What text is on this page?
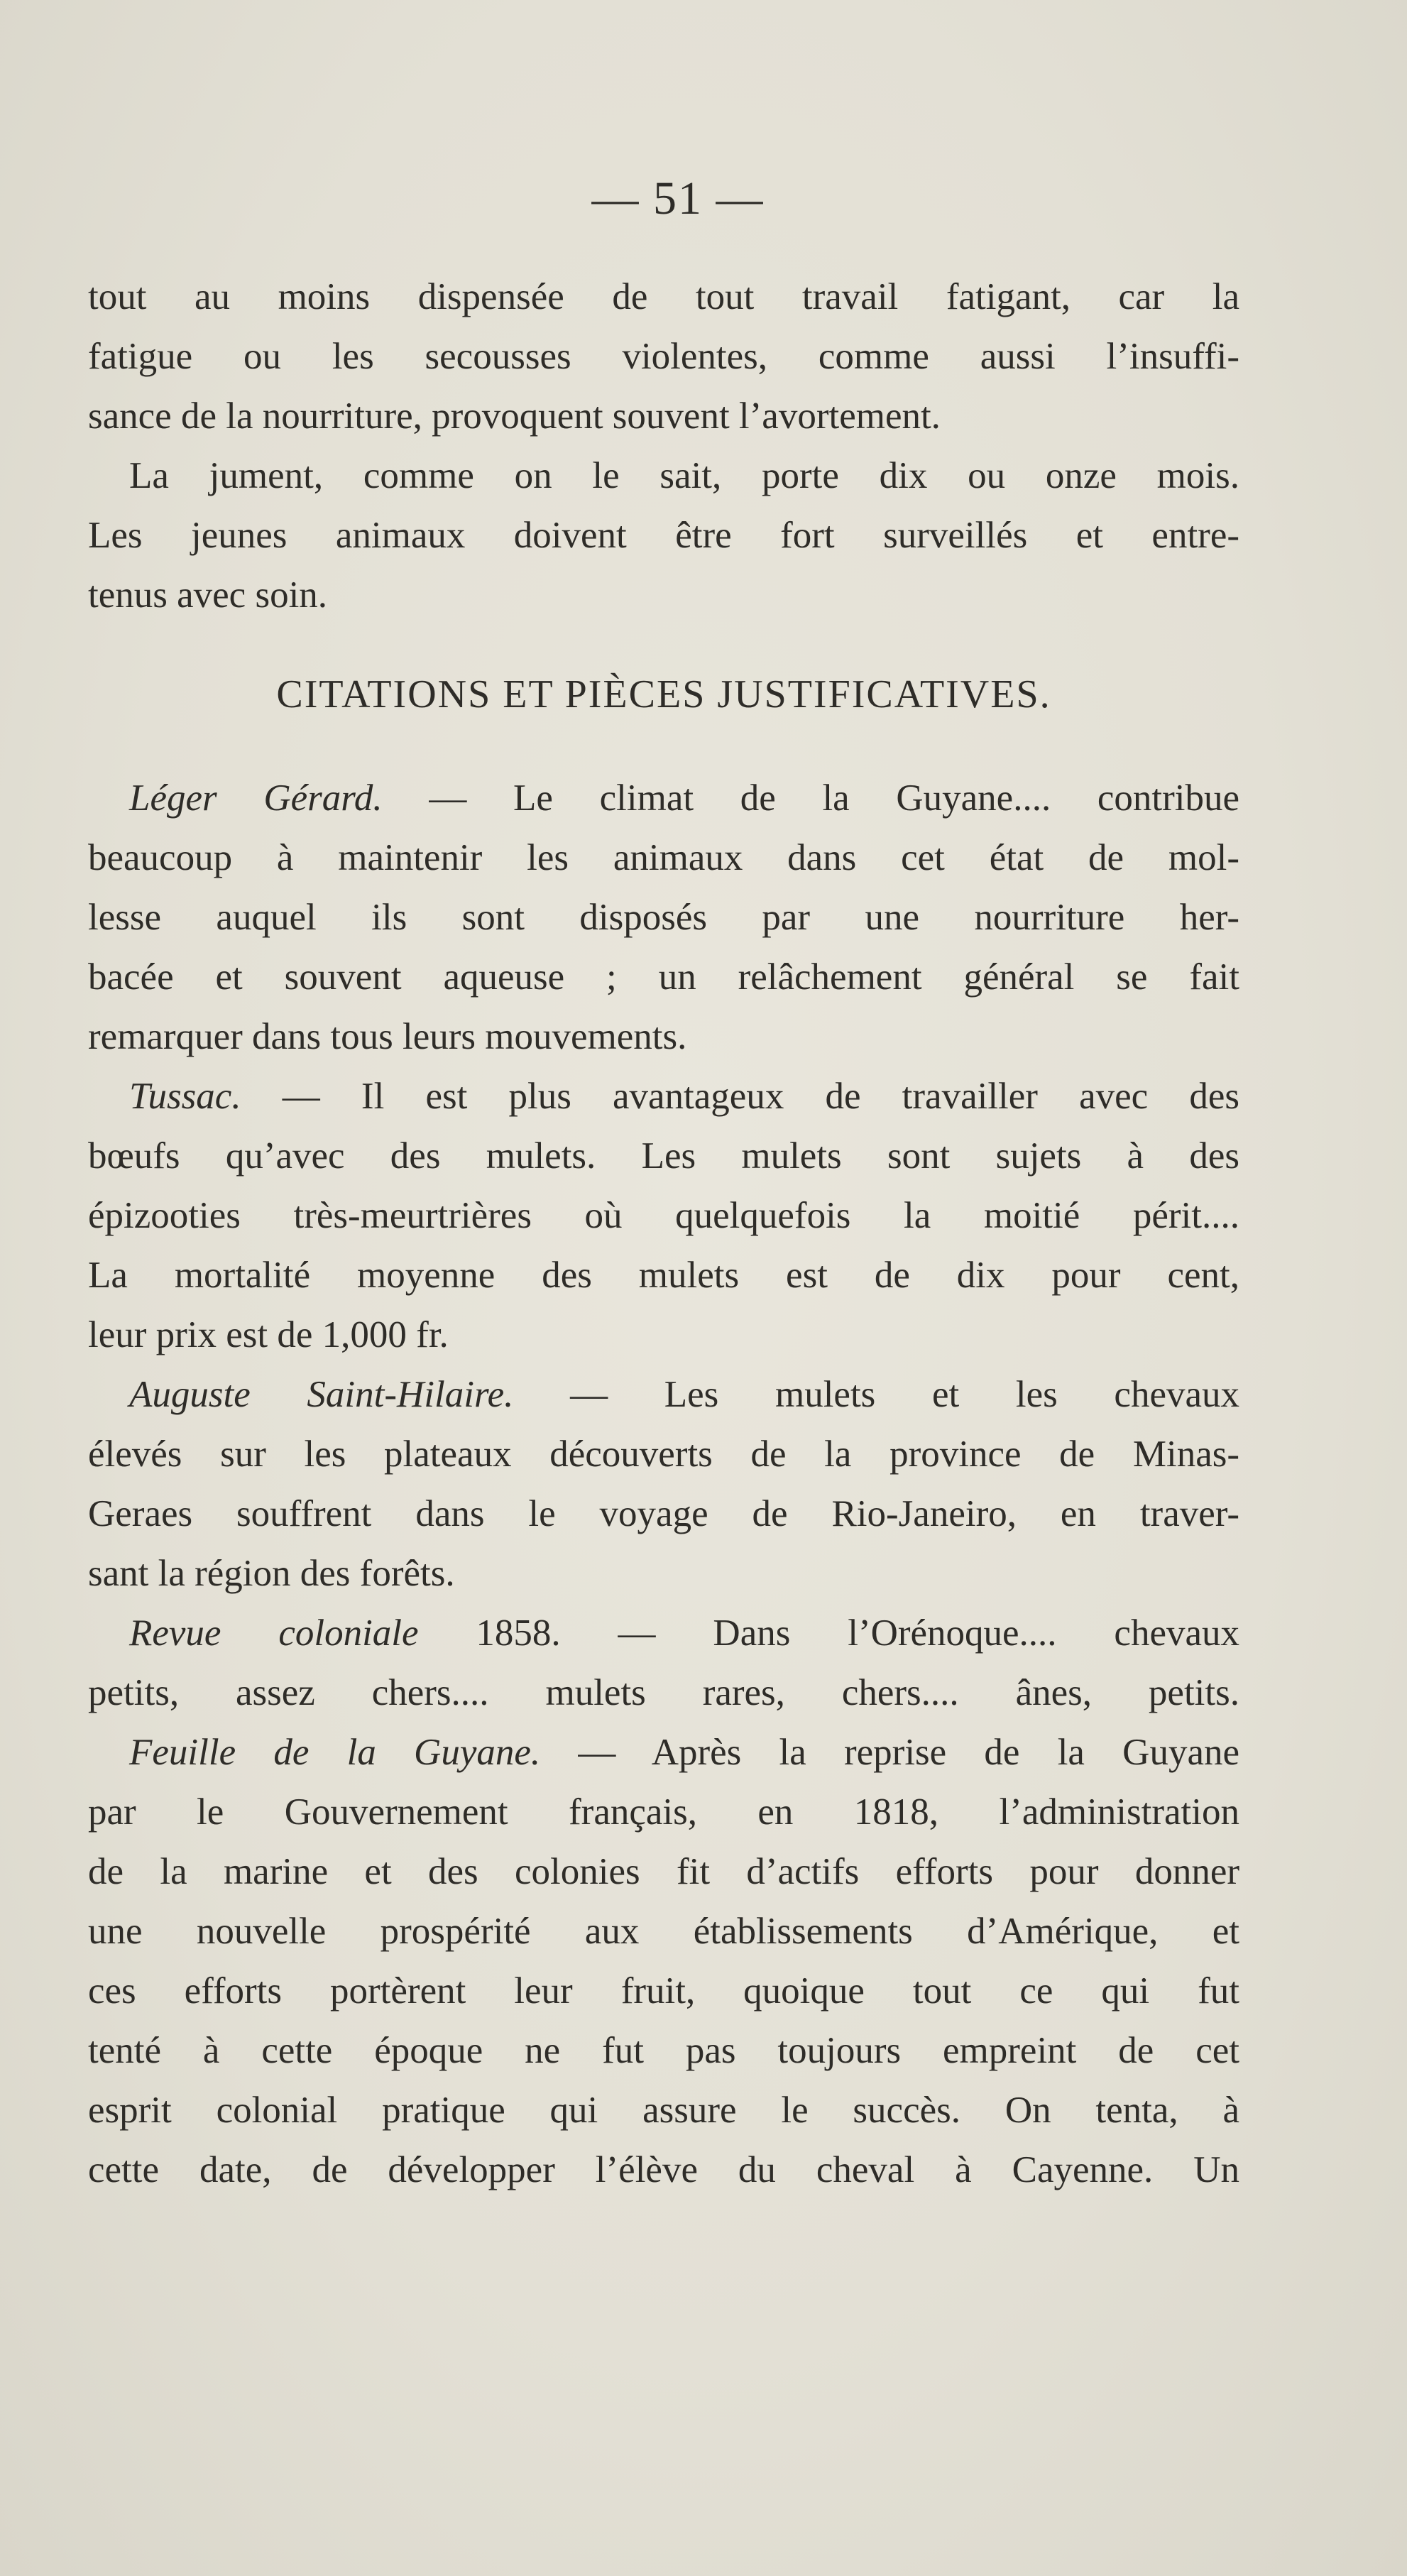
— 51 —
tout au moins dispensée de tout travail fatigant, car la
fatigue ou les secousses violentes, comme aussi l’insuffi-
sance de la nourriture, provoquent souvent l’avortement.
La jument, comme on le sait, porte dix ou onze mois.
Les jeunes animaux doivent être fort surveillés et entre-
tenus avec soin.
CITATIONS ET PIÈCES JUSTIFICATIVES.
Léger Gérard. — Le climat de la Guyane.... contribue
beaucoup à maintenir les animaux dans cet état de mol-
lesse auquel ils sont disposés par une nourriture her-
bacée et souvent aqueuse ; un relâchement général se fait
remarquer dans tous leurs mouvements.
Tussac. — Il est plus avantageux de travailler avec des
bœufs qu’avec des mulets. Les mulets sont sujets à des
épizooties très-meurtrières où quelquefois la moitié périt....
La mortalité moyenne des mulets est de dix pour cent,
leur prix est de 1,000 fr.
Auguste Saint-Hilaire. — Les mulets et les chevaux
élevés sur les plateaux découverts de la province de Minas-
Geraes souffrent dans le voyage de Rio-Janeiro, en traver-
sant la région des forêts.
Revue coloniale 1858. — Dans l’Orénoque.... chevaux
petits, assez chers.... mulets rares, chers.... ânes, petits.
Feuille de la Guyane. — Après la reprise de la Guyane
par le Gouvernement français, en 1818, l’administration
de la marine et des colonies fit d’actifs efforts pour donner
une nouvelle prospérité aux établissements d’Amérique, et
ces efforts portèrent leur fruit, quoique tout ce qui fut
tenté à cette époque ne fut pas toujours empreint de cet
esprit colonial pratique qui assure le succès. On tenta, à
cette date, de développer l’élève du cheval à Cayenne. Un
